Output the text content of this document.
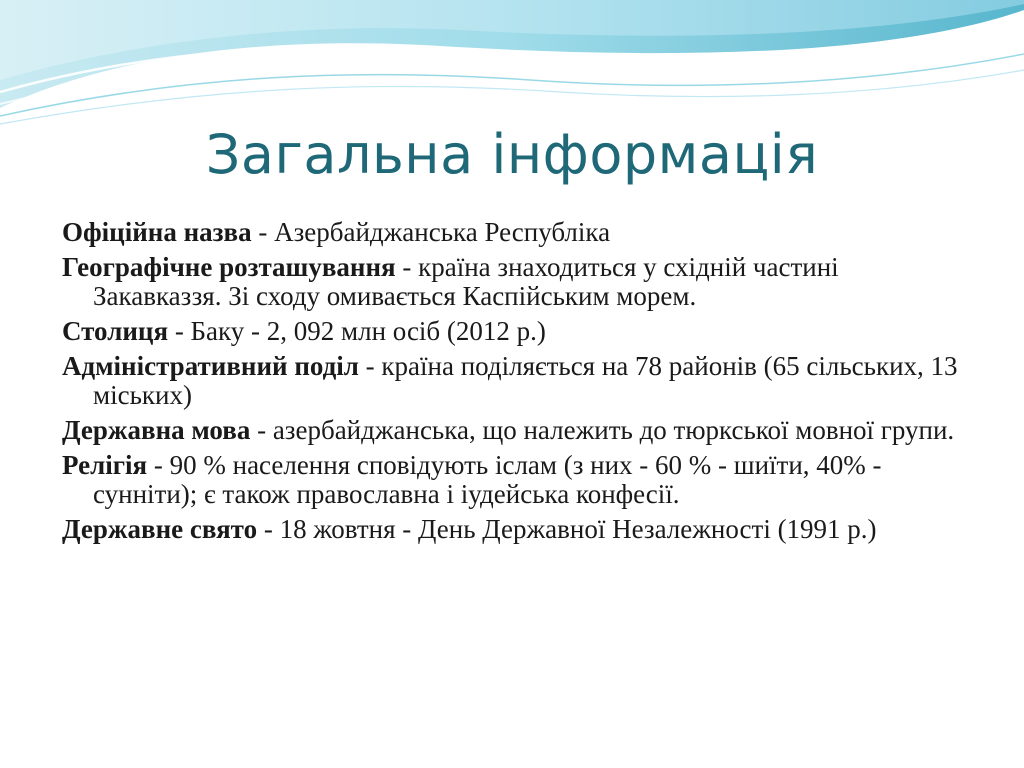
Загальна інформація
Офіційна назва - Азербайджанська Республіка
Географічне розташування - країна знаходиться у східній частині Закавказзя. Зі сходу омивається Каспійським морем.
Столиця - Баку - 2, 092 млн осіб (2012 р.)
Адміністративний поділ - країна поділяється на 78 районів (65 сільських, 13 міських)
Державна мова - азербайджанська, що належить до тюркської мовної групи.
Релігія - 90 % населення сповідують іслам (з них - 60 % - шиїти, 40% - сунніти); є також православна і іудейська конфесії.
Державне свято - 18 жовтня - День Державної Незалежності (1991 р.)
